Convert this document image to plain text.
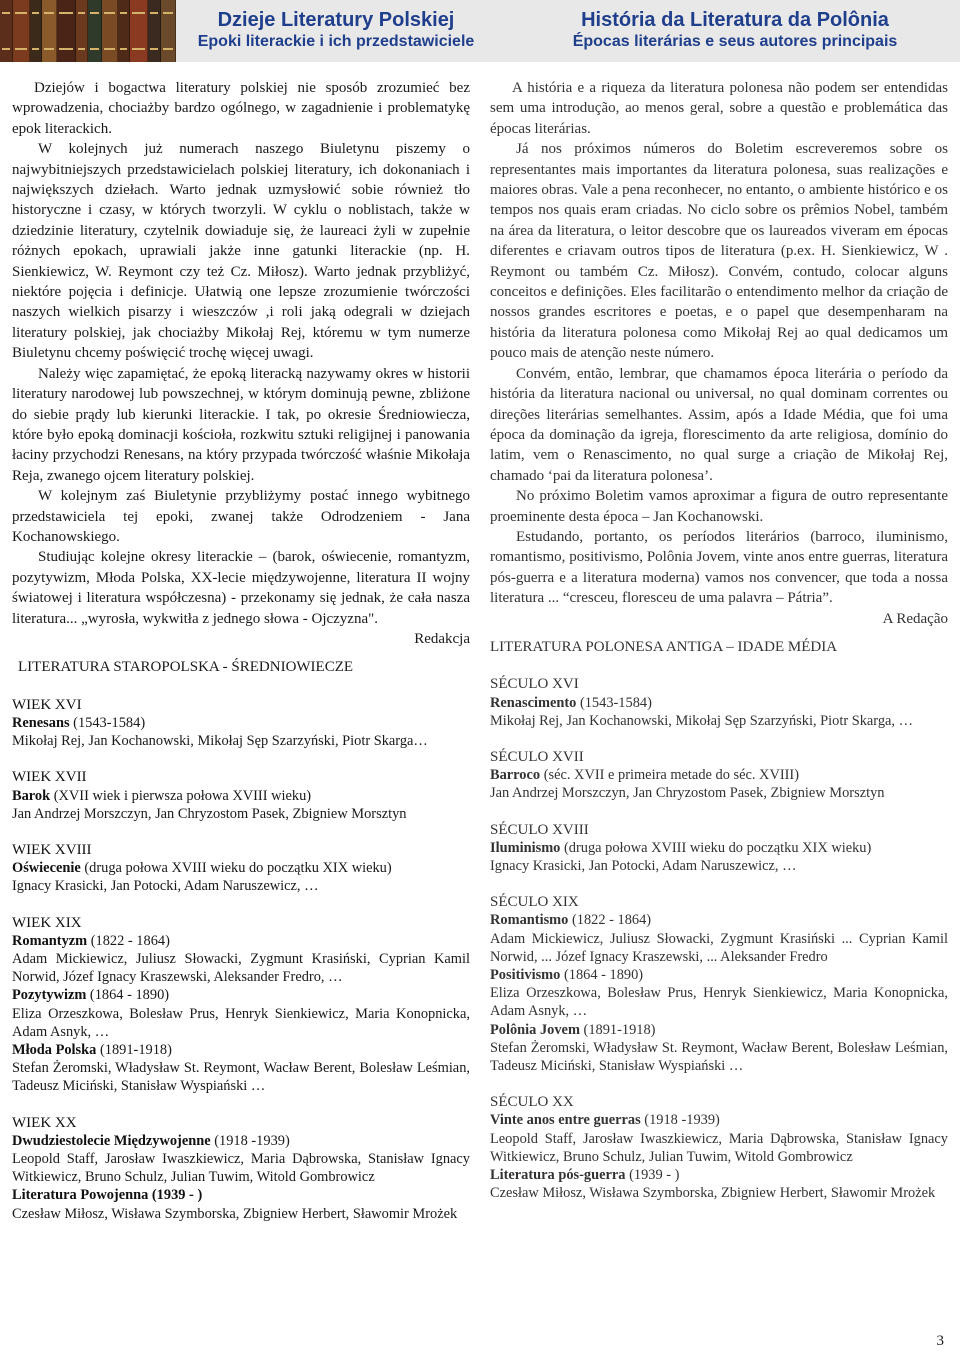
Dzieje Literatury Polskiej
Epoki literackie i ich przedstawiciele
História da Literatura da Polônia
Épocas literárias e seus autores principais

Dziejów i bogactwa literatury polskiej nie sposób zrozumieć bez wprowadzenia, chociażby bardzo ogólnego, w zagadnienie i problematykę epok literackich.

W kolejnych już numerach naszego Biuletynu piszemy o najwybitniejszych przedstawicielach polskiej literatury, ich dokonaniach i największych dziełach. Warto jednak uzmysłowić sobie również tło historyczne i czasy, w których tworzyli. W cyklu o noblistach, także w dziedzinie literatury, czytelnik dowiaduje się, że laureaci żyli w zupełnie różnych epokach, uprawiali jakże inne gatunki literackie (np. H. Sienkiewicz, W. Reymont czy też Cz. Miłosz). Warto jednak przybliżyć, niektóre pojęcia i definicje. Ułatwią one lepsze zrozumienie twórczości naszych wielkich pisarzy i wieszczów ,i roli jaką odegrali w dziejach literatury polskiej, jak chociażby Mikołaj Rej, któremu w tym numerze Biuletynu chcemy poświęcić trochę więcej uwagi.

Należy więc zapamiętać, że epoką literacką nazywamy okres w historii literatury narodowej lub powszechnej, w którym dominują pewne, zbliżone do siebie prądy lub kierunki literackie. I tak, po okresie Średniowiecza, które było epoką dominacji kościoła, rozkwitu sztuki religijnej i panowania łaciny przychodzi Renesans, na który przypada twórczość właśnie Mikołaja Reja, zwanego ojcem literatury polskiej.

W kolejnym zaś Biuletynie przybliżymy postać innego wybitnego przedstawiciela tej epoki, zwanej także Odrodzeniem - Jana Kochanowskiego.

Studiując kolejne okresy literackie – (barok, oświecenie, romantyzm, pozytywizm, Młoda Polska, XX-lecie międzywojenne, literatura II wojny światowej i literatura współczesna) - przekonamy się jednak, że cała nasza literatura... „wyrosła, wykwitła z jednego słowa - Ojczyzna".

Redakcja

LITERATURA STAROPOLSKA - ŚREDNIOWIECZE
WIEK XVI
Renesans (1543-1584)
Mikołaj Rej, Jan Kochanowski, Mikołaj Sęp Szarzyński, Piotr Skarga…
WIEK XVII
Barok (XVII wiek i pierwsza połowa XVIII wieku)
Jan Andrzej Morszczyn, Jan Chryzostom Pasek, Zbigniew Morsztyn
WIEK XVIII
Oświecenie (druga połowa XVIII wieku do początku XIX wieku)
Ignacy Krasicki, Jan Potocki, Adam Naruszewicz, …
WIEK XIX
Romantyzm (1822 - 1864)
Adam Mickiewicz, Juliusz Słowacki, Zygmunt Krasiński, Cyprian Kamil Norwid, Józef Ignacy Kraszewski, Aleksander Fredro, …
Pozytywizm (1864 - 1890)
Eliza Orzeszkowa, Bolesław Prus, Henryk Sienkiewicz, Maria Konopnicka, Adam Asnyk, …
Młoda Polska (1891-1918)
Stefan Żeromski, Władysław St. Reymont, Wacław Berent, Bolesław Leśmian, Tadeusz Miciński, Stanisław Wyspiański …
WIEK XX
Dwudziestolecie Międzywojenne (1918 -1939)
Leopold Staff, Jarosław Iwaszkiewicz, Maria Dąbrowska, Stanisław Ignacy Witkiewicz, Bruno Schulz, Julian Tuwim, Witold Gombrowicz
Literatura Powojenna (1939 - )
Czesław Miłosz, Wisława Szymborska, Zbigniew Herbert, Sławomir Mrożek

A história e a riqueza da literatura polonesa não podem ser entendidas sem uma introdução, ao menos geral, sobre a questão e problemática das épocas literárias.

Já nos próximos números do Boletim escreveremos sobre os representantes mais importantes da literatura polonesa, suas realizações e maiores obras. Vale a pena reconhecer, no entanto, o ambiente histórico e os tempos nos quais eram criadas. No ciclo sobre os prêmios Nobel, também na área da literatura, o leitor descobre que os laureados viveram em épocas diferentes e criavam outros tipos de literatura (p.ex. H. Sienkiewicz, W . Reymont ou também Cz. Miłosz). Convém, contudo, colocar alguns conceitos e definições. Eles facilitarão o entendimento melhor da criação de nossos grandes escritores e poetas, e o papel que desempenharam na história da literatura polonesa como Mikołaj Rej ao qual dedicamos um pouco mais de atenção neste número.

Convém, então, lembrar, que chamamos época literária o período da história da literatura nacional ou universal, no qual dominam correntes ou direções literárias semelhantes. Assim, após a Idade Média, que foi uma época da dominação da igreja, florescimento da arte religiosa, domínio do latim, vem o Renascimento, no qual surge a criação de Mikołaj Rej, chamado ‘pai da literatura polonesa’.

No próximo Boletim vamos aproximar a figura de outro representante proeminente desta época – Jan Kochanowski.

Estudando, portanto, os períodos literários (barroco, iluminismo, romantismo, positivismo, Polônia Jovem, vinte anos entre guerras, literatura pós-guerra e a literatura moderna) vamos nos convencer, que toda a nossa literatura ... “cresceu, floresceu de uma palavra – Pátria”.

A Redação

LITERATURA POLONESA ANTIGA – IDADE MÉDIA
SÉCULO XVI
Renascimento (1543-1584)
Mikołaj Rej, Jan Kochanowski, Mikołaj Sęp Szarzyński, Piotr Skarga, …
SÉCULO XVII
Barroco (séc. XVII e primeira metade do séc. XVIII)
Jan Andrzej Morszczyn, Jan Chryzostom Pasek, Zbigniew Morsztyn
SÉCULO XVIII
Iluminismo (druga połowa XVIII wieku do początku XIX wieku)
Ignacy Krasicki, Jan Potocki, Adam Naruszewicz, …
SÉCULO XIX
Romantismo (1822 - 1864)
Adam Mickiewicz, Juliusz Słowacki, Zygmunt Krasiński ... Cyprian Kamil Norwid, ... Józef Ignacy Kraszewski, ... Aleksander Fredro
Positivismo (1864 - 1890)
Eliza Orzeszkowa, Bolesław Prus, Henryk Sienkiewicz, Maria Konopnicka, Adam Asnyk, …
Polônia Jovem (1891-1918)
Stefan Żeromski, Władysław St. Reymont, Wacław Berent, Bolesław Leśmian, Tadeusz Miciński, Stanisław Wyspiański …
SÉCULO XX
Vinte anos entre guerras (1918 -1939)
Leopold Staff, Jarosław Iwaszkiewicz, Maria Dąbrowska, Stanisław Ignacy Witkiewicz, Bruno Schulz, Julian Tuwim, Witold Gombrowicz
Literatura pós-guerra (1939 - )
Czesław Miłosz, Wisława Szymborska, Zbigniew Herbert, Sławomir Mrożek
3
